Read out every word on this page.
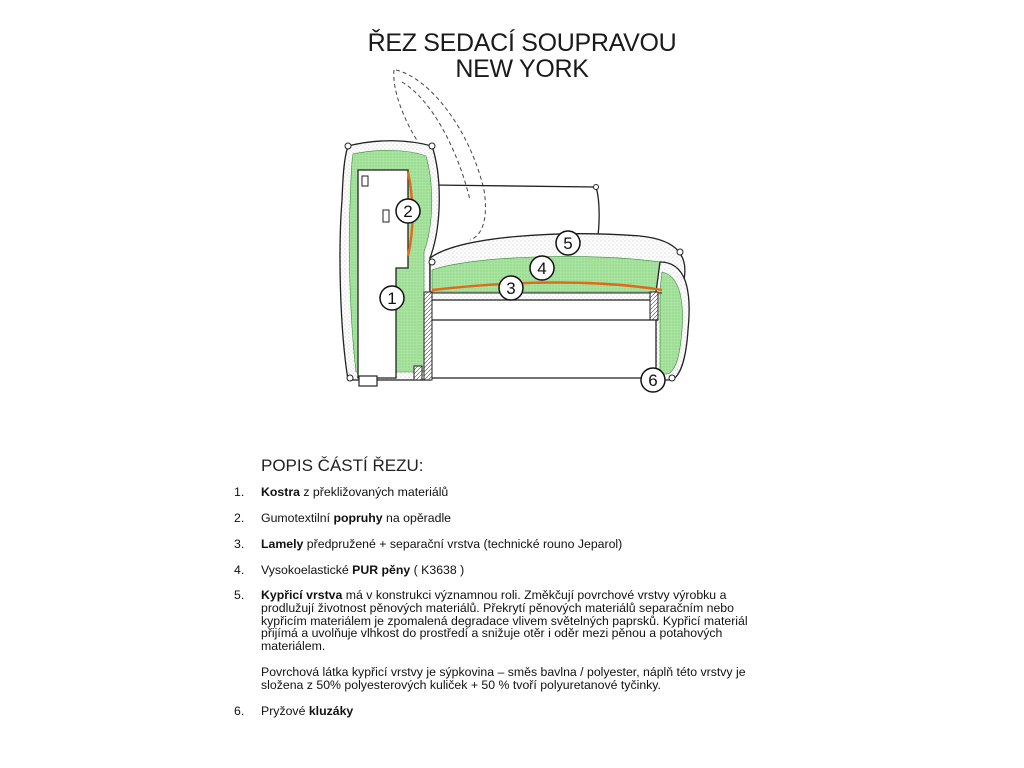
ŘEZ SEDACÍ SOUPRAVOU
NEW YORK
1
2
3
4
5
6
POPIS ČÁSTÍ ŘEZU:
1. Kostra z překližovaných materiálů
2. Gumotextilní popruhy na opěradle
3. Lamely předpružené + separační vrstva (technické rouno Jeparol)
4. Vysokoelastické PUR pěny ( K3638 )
5. Kypřicí vrstva má v konstrukci významnou roli. Změkčují povrchové vrstvy výrobku a prodlužují životnost pěnových materiálů. Překrytí pěnových materiálů separačním nebo kypřicím materiálem je zpomalená degradace vlivem světelných paprsků. Kypřicí materiál přijímá a uvolňuje vlhkost do prostředí a snižuje otěr i oděr mezi pěnou a potahových materiálem.
Povrchová látka kypřicí vrstvy je sýpkovina – směs bavlna / polyester, náplň této vrstvy je složena z 50% polyesterových kuliček + 50 % tvoří polyuretanové tyčinky.
6. Pryžové kluzáky
